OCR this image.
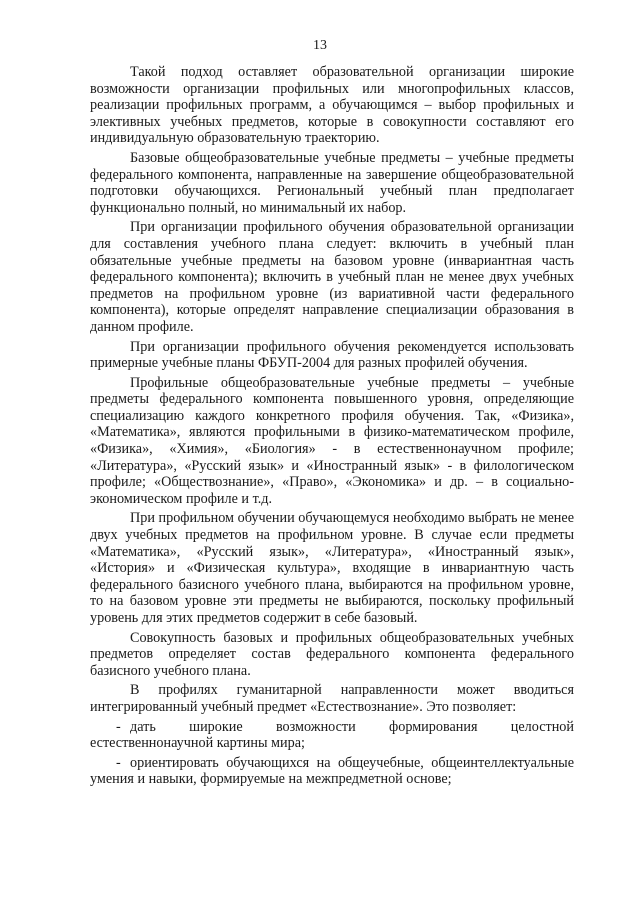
13

Такой подход оставляет образовательной организации широкие возможности организации профильных или многопрофильных классов, реализации профильных программ, а обучающимся – выбор профильных и элективных учебных предметов, которые в совокупности составляют его индивидуальную образовательную траекторию.

Базовые общеобразовательные учебные предметы – учебные предметы федерального компонента, направленные на завершение общеобразовательной подготовки обучающихся. Региональный учебный план предполагает функционально полный, но минимальный их набор.

При организации профильного обучения образовательной организации для составления учебного плана следует: включить в учебный план обязательные учебные предметы на базовом уровне (инвариантная часть федерального компонента); включить в учебный план не менее двух учебных предметов на профильном уровне (из вариативной части федерального компонента), которые определят направление специализации образования в данном профиле.

При организации профильного обучения рекомендуется использовать примерные учебные планы ФБУП-2004 для разных профилей обучения.

Профильные общеобразовательные учебные предметы – учебные предметы федерального компонента повышенного уровня, определяющие специализацию каждого конкретного профиля обучения. Так, «Физика», «Математика», являются профильными в физико-математическом профиле, «Физика», «Химия», «Биология» - в естественнонаучном профиле; «Литература», «Русский язык» и «Иностранный язык» - в филологическом профиле; «Обществознание», «Право», «Экономика» и др. – в социально-экономическом профиле и т.д.

При профильном обучении обучающемуся необходимо выбрать не менее двух учебных предметов на профильном уровне. В случае если предметы «Математика», «Русский язык», «Литература», «Иностранный язык», «История» и «Физическая культура», входящие в инвариантную часть федерального базисного учебного плана, выбираются на профильном уровне, то на базовом уровне эти предметы не выбираются, поскольку профильный уровень для этих предметов содержит в себе базовый.

Совокупность базовых и профильных общеобразовательных учебных предметов определяет состав федерального компонента федерального базисного учебного плана.

В профилях гуманитарной направленности может вводиться интегрированный учебный предмет «Естествознание». Это позволяет:

- дать широкие возможности формирования целостной естественнонаучной картины мира;

- ориентировать обучающихся на общеучебные, общеинтеллектуальные умения и навыки, формируемые на межпредметной основе;
